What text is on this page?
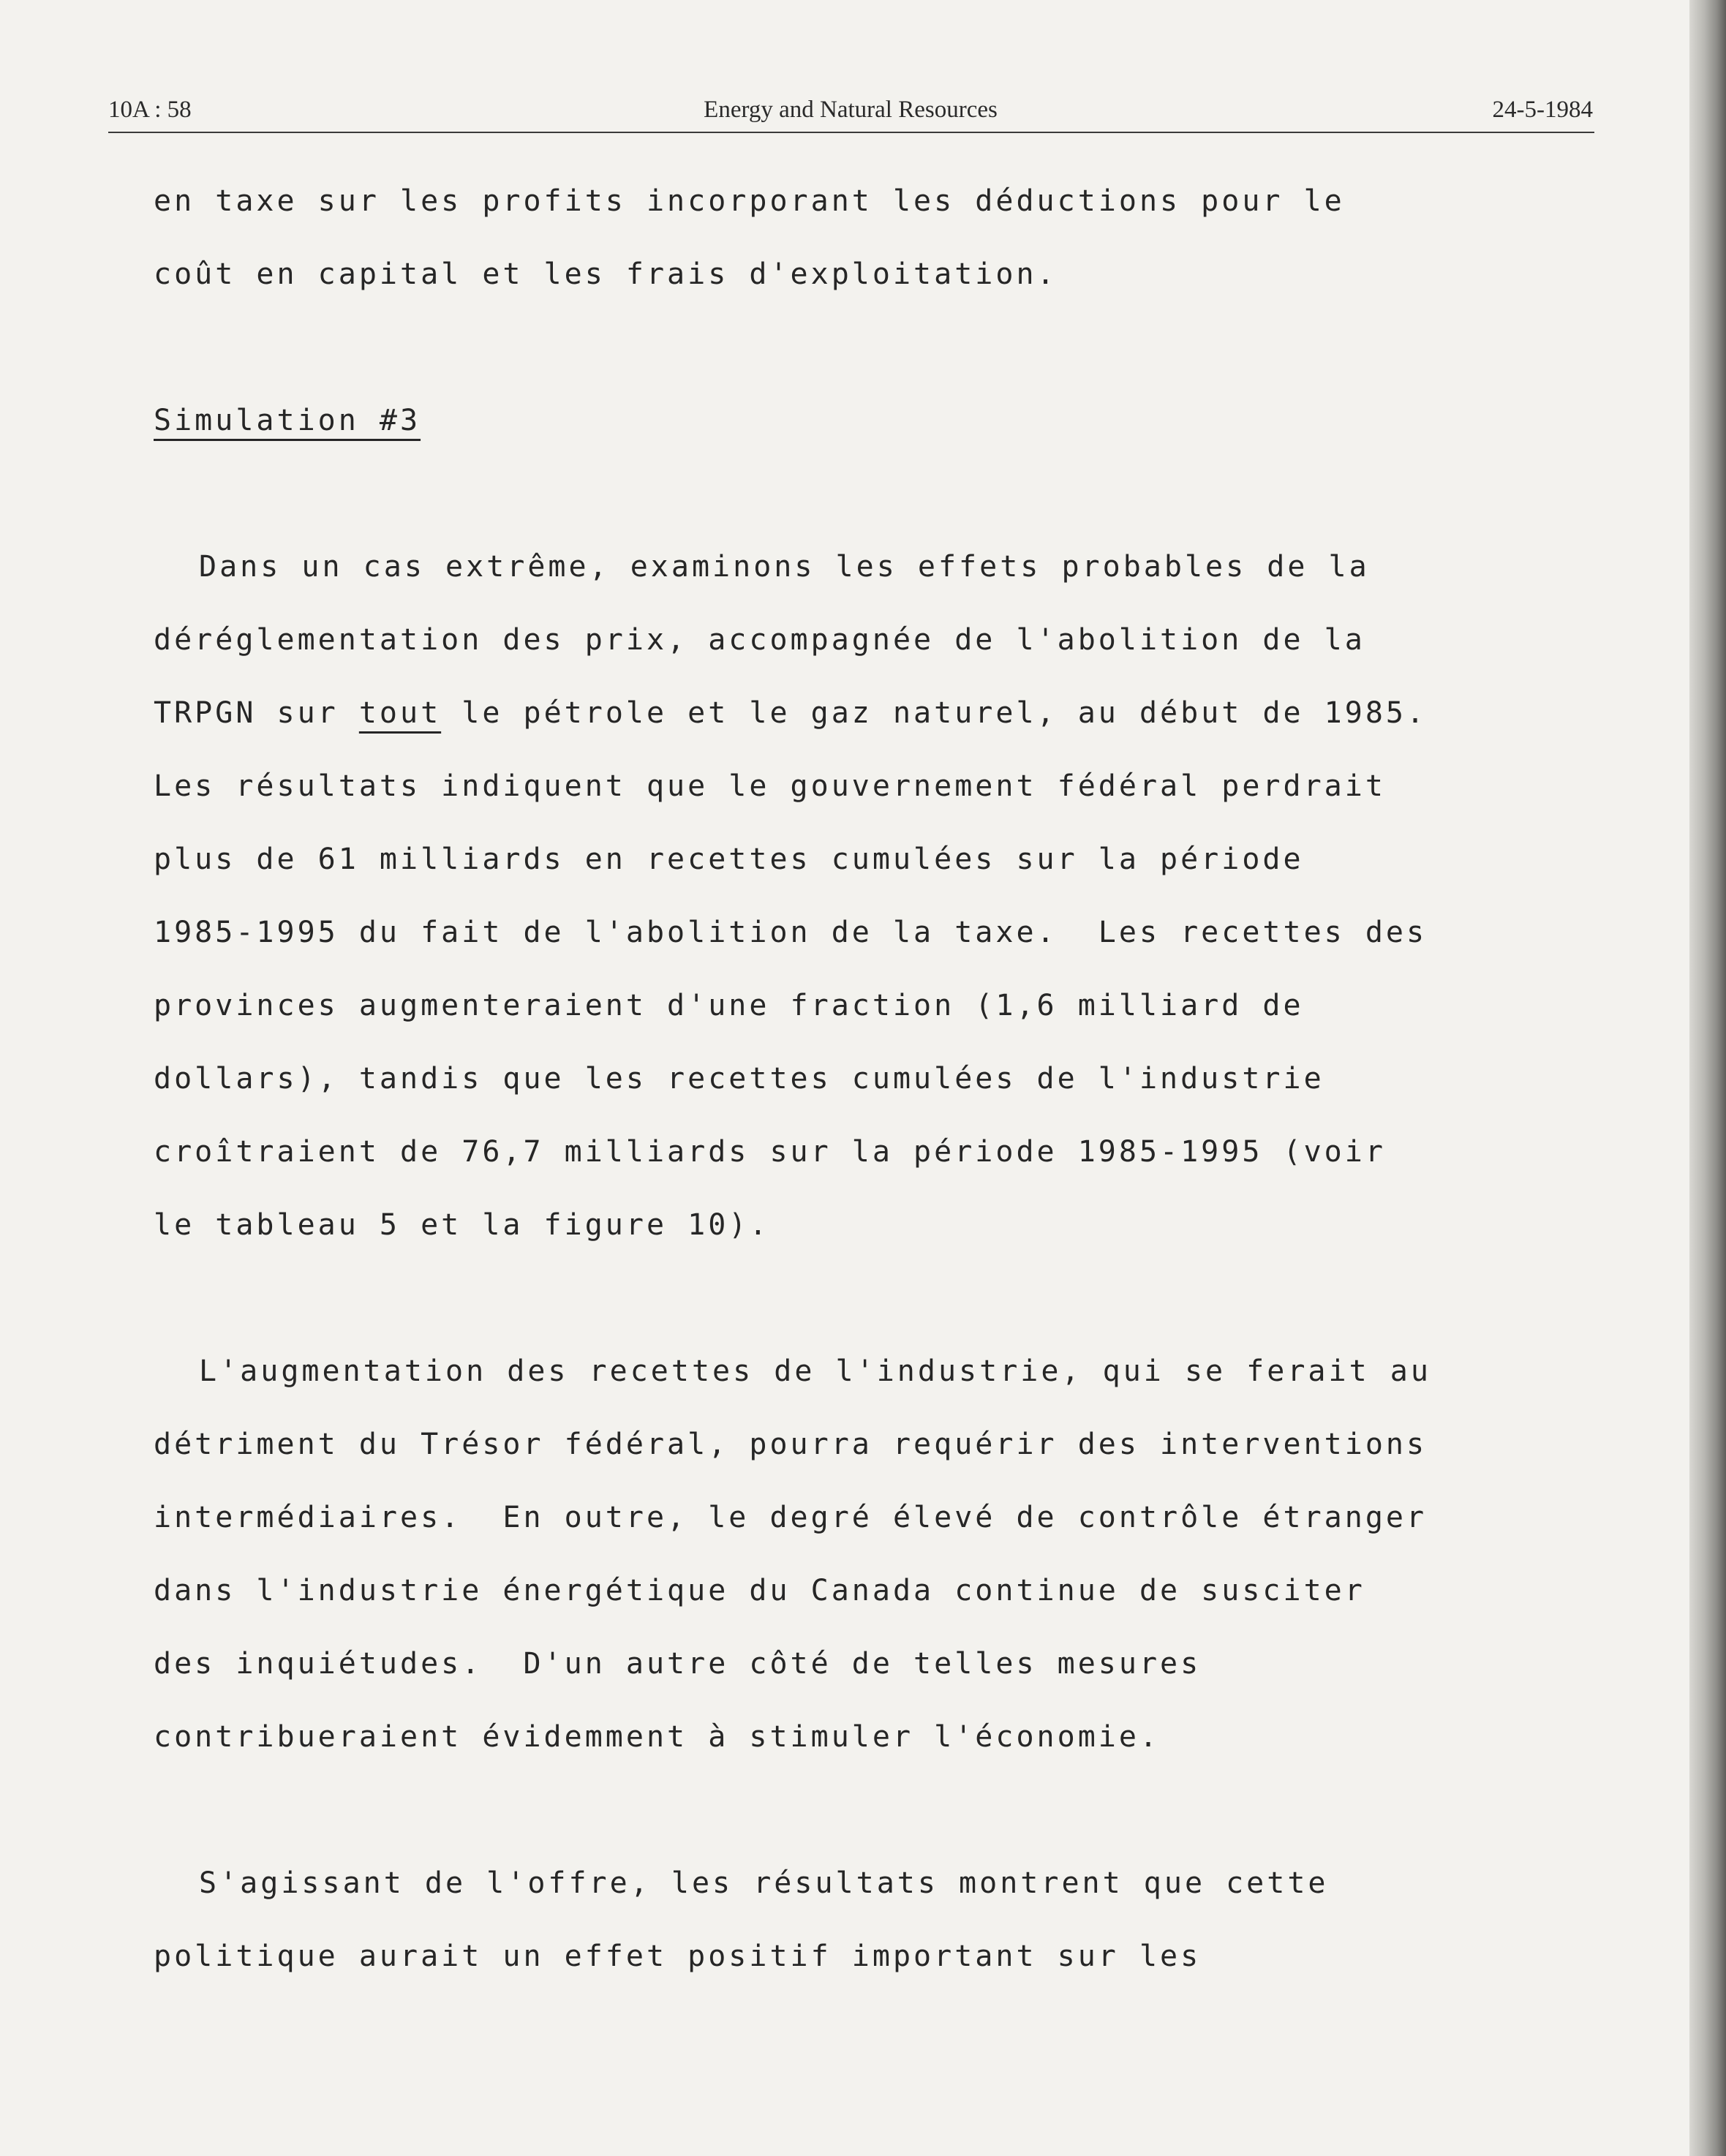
10A : 58	Energy and Natural Resources	24-5-1984
en taxe sur les profits incorporant les déductions pour le
coût en capital et les frais d'exploitation.
Simulation #3
Dans un cas extrême, examinons les effets probables de la
déréglementation des prix, accompagnée de l'abolition de la
TRPGN sur tout le pétrole et le gaz naturel, au début de 1985.
Les résultats indiquent que le gouvernement fédéral perdrait
plus de 61 milliards en recettes cumulées sur la période
1985-1995 du fait de l'abolition de la taxe.  Les recettes des
provinces augmenteraient d'une fraction (1,6 milliard de
dollars), tandis que les recettes cumulées de l'industrie
croîtraient de 76,7 milliards sur la période 1985-1995 (voir
le tableau 5 et la figure 10).
L'augmentation des recettes de l'industrie, qui se ferait au
détriment du Trésor fédéral, pourra requérir des interventions
intermédiaires.  En outre, le degré élevé de contrôle étranger
dans l'industrie énergétique du Canada continue de susciter
des inquiétudes.  D'un autre côté de telles mesures
contribueraient évidemment à stimuler l'économie.
S'agissant de l'offre, les résultats montrent que cette
politique aurait un effet positif important sur les
